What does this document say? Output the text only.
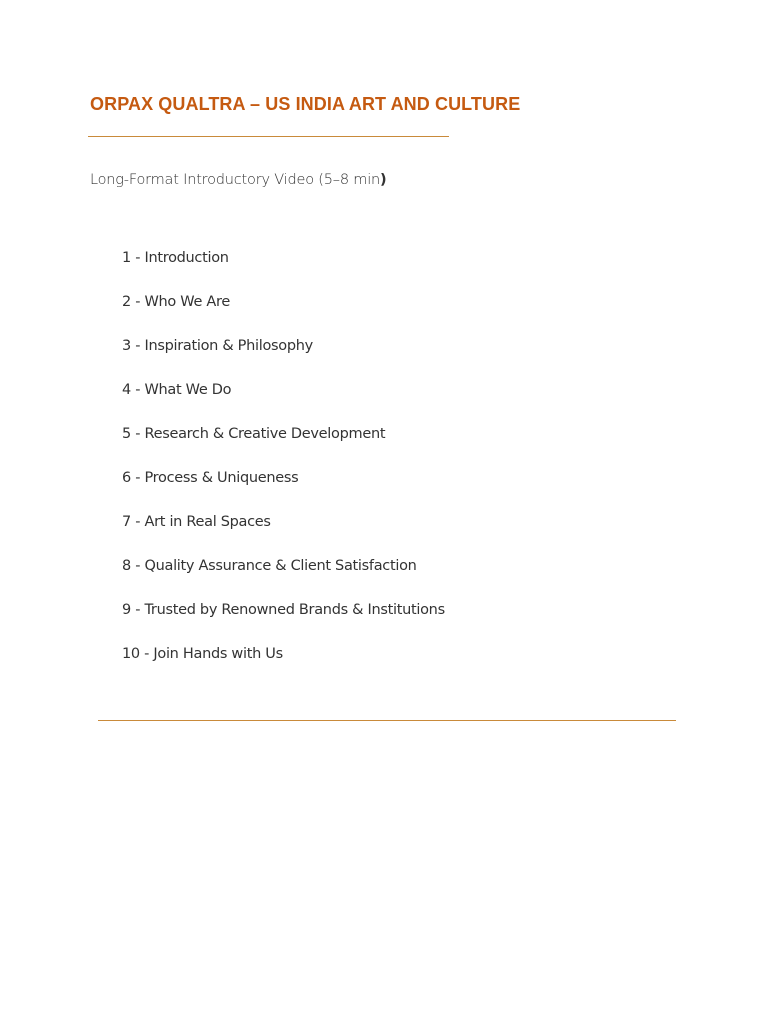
ORPAX QUALTRA – US INDIA ART AND CULTURE
Long-Format Introductory Video (5–8 min)
1 - Introduction
2 - Who We Are
3 - Inspiration & Philosophy
4 - What We Do
5 - Research & Creative Development
6 - Process & Uniqueness
7 - Art in Real Spaces
8 - Quality Assurance & Client Satisfaction
9 - Trusted by Renowned Brands & Institutions
10 - Join Hands with Us
